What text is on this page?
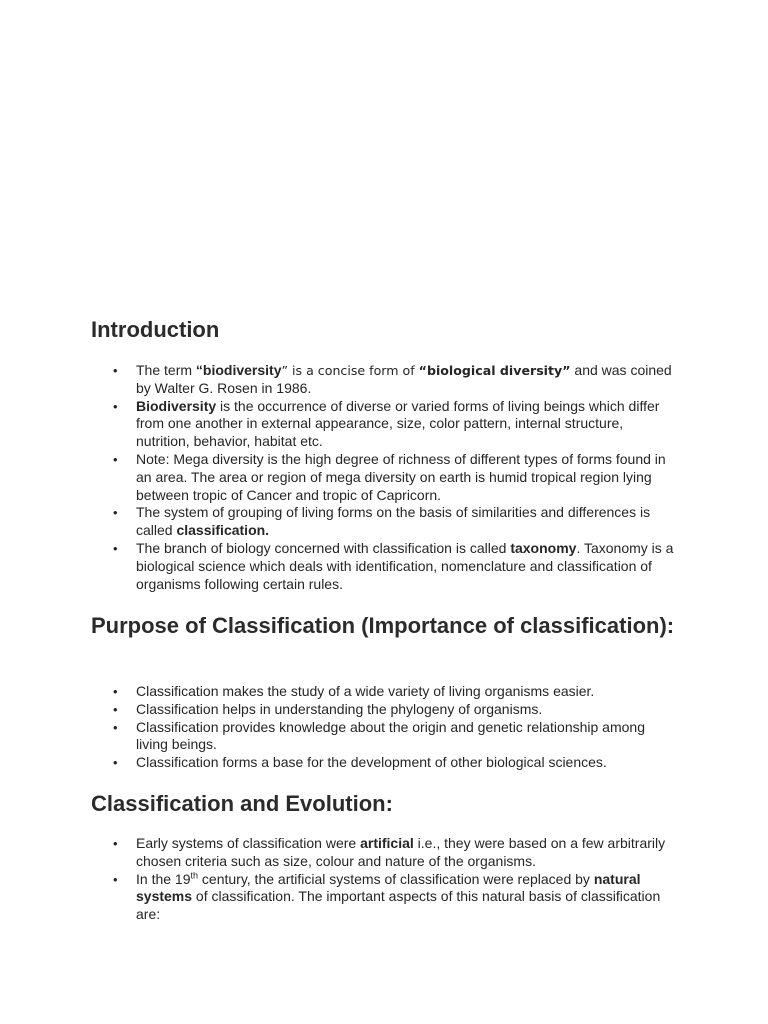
Introduction
• The term “biodiversity” is a concise form of “biological diversity” and was coined by Walter G. Rosen in 1986.
• Biodiversity is the occurrence of diverse or varied forms of living beings which differ from one another in external appearance, size, color pattern, internal structure, nutrition, behavior, habitat etc.
• Note: Mega diversity is the high degree of richness of different types of forms found in an area. The area or region of mega diversity on earth is humid tropical region lying between tropic of Cancer and tropic of Capricorn.
• The system of grouping of living forms on the basis of similarities and differences is called classification.
• The branch of biology concerned with classification is called taxonomy. Taxonomy is a biological science which deals with identification, nomenclature and classification of organisms following certain rules.
Purpose of Classification (Importance of classification):
• Classification makes the study of a wide variety of living organisms easier.
• Classification helps in understanding the phylogeny of organisms.
• Classification provides knowledge about the origin and genetic relationship among living beings.
• Classification forms a base for the development of other biological sciences.
Classification and Evolution:
• Early systems of classification were artificial i.e., they were based on a few arbitrarily chosen criteria such as size, colour and nature of the organisms.
• In the 19th century, the artificial systems of classification were replaced by natural systems of classification. The important aspects of this natural basis of classification are:
